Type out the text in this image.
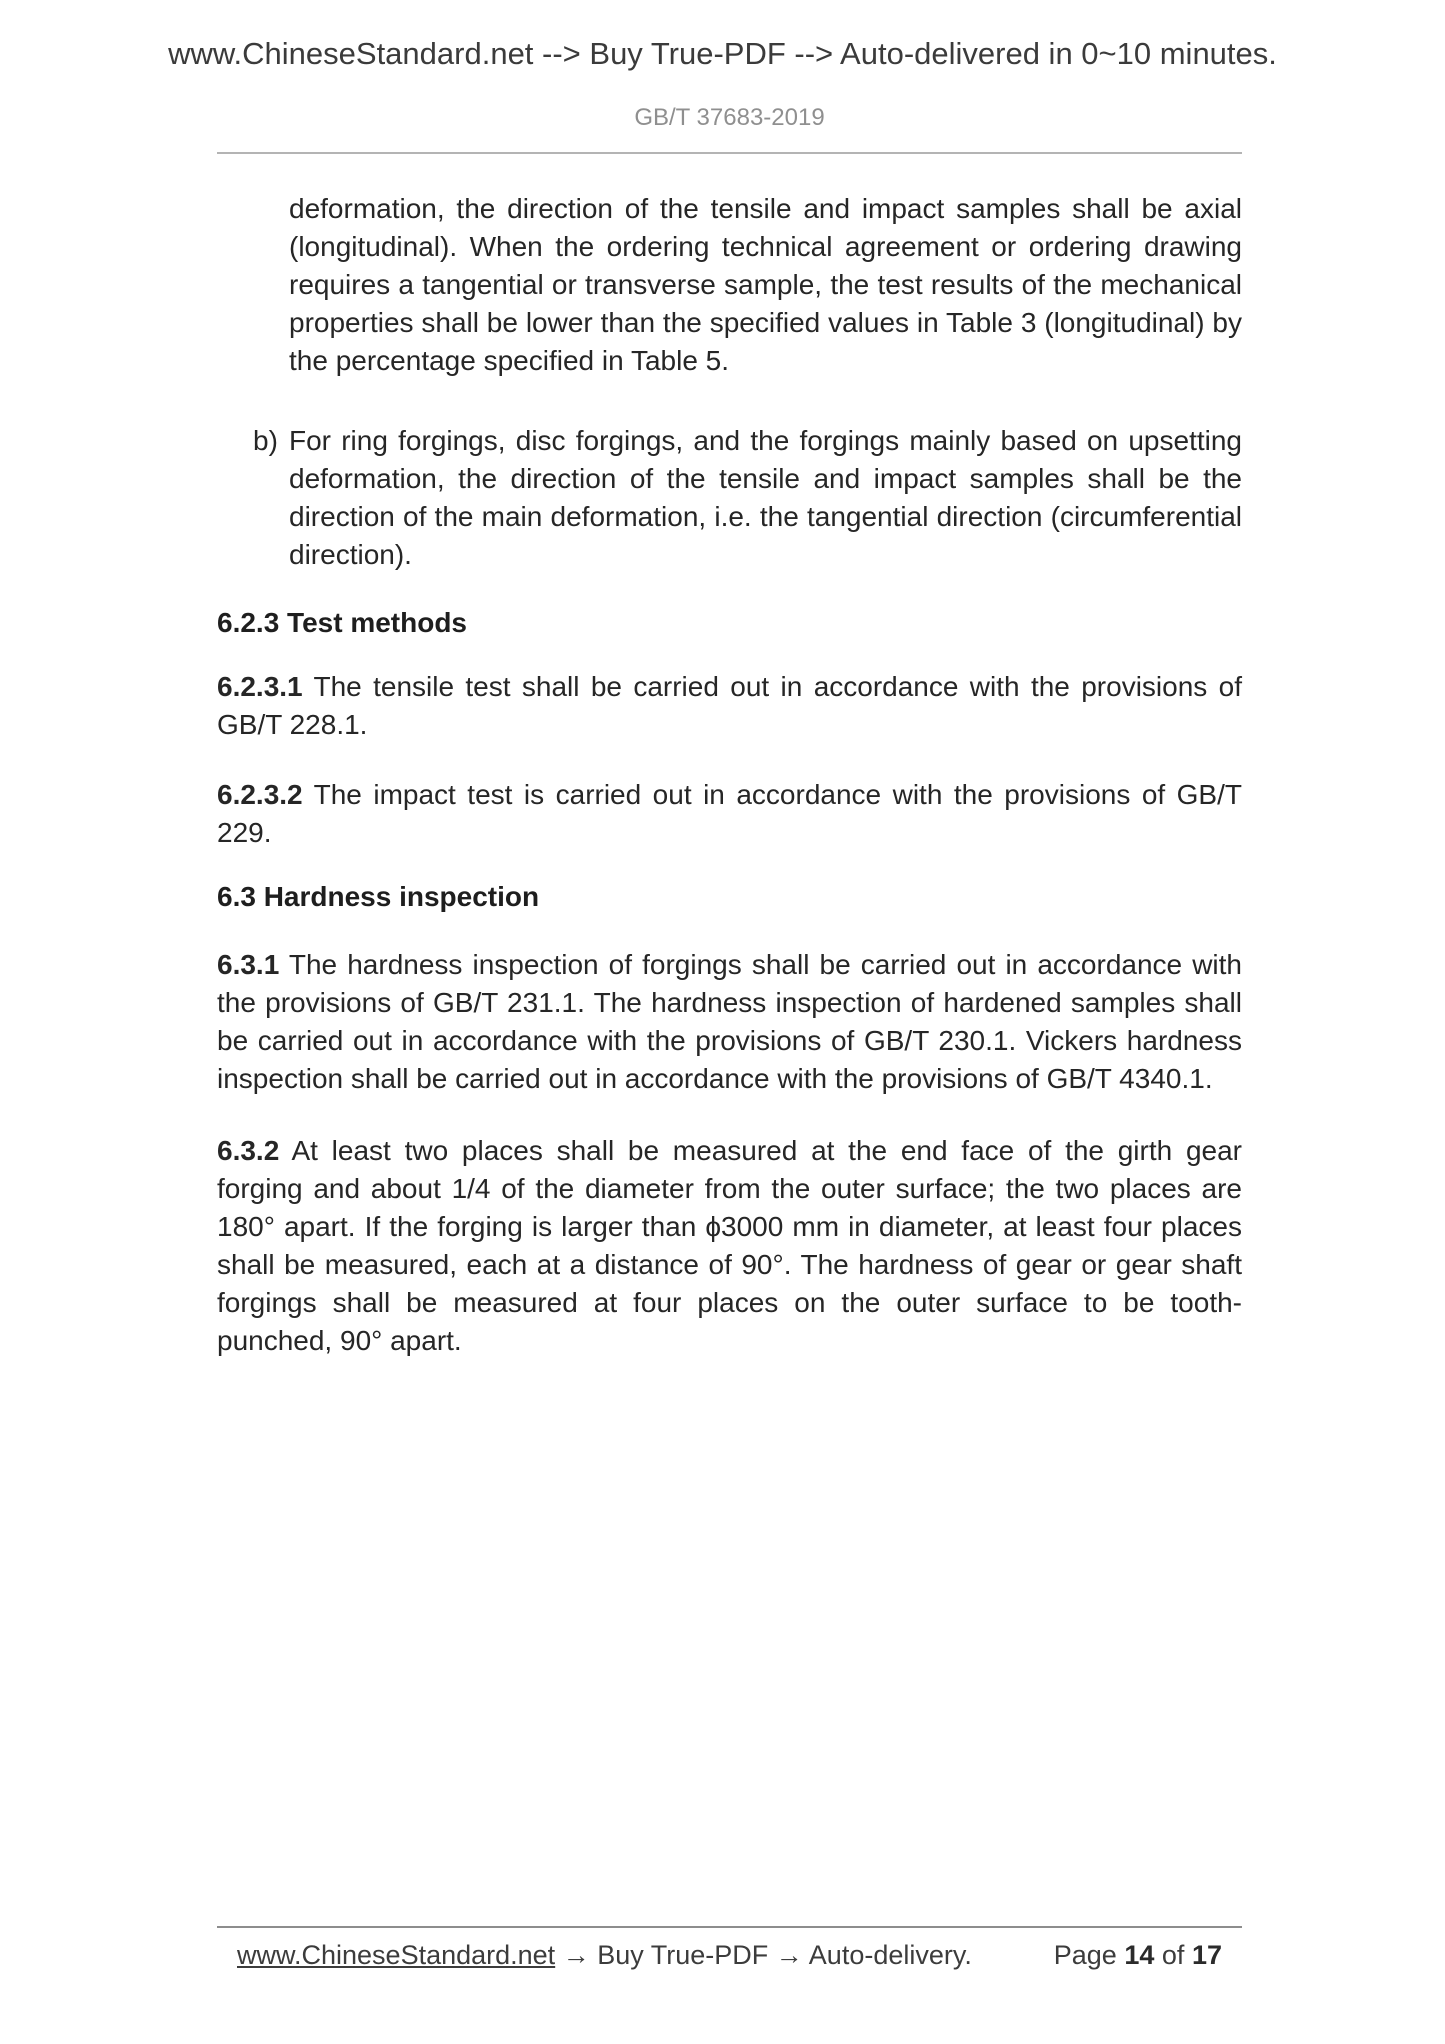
www.ChineseStandard.net --> Buy True-PDF --> Auto-delivered in 0~10 minutes.
GB/T 37683-2019

deformation, the direction of the tensile and impact samples shall be axial (longitudinal). When the ordering technical agreement or ordering drawing requires a tangential or transverse sample, the test results of the mechanical properties shall be lower than the specified values in Table 3 (longitudinal) by the percentage specified in Table 5.

b) For ring forgings, disc forgings, and the forgings mainly based on upsetting deformation, the direction of the tensile and impact samples shall be the direction of the main deformation, i.e. the tangential direction (circumferential direction).
6.2.3 Test methods

6.2.3.1 The tensile test shall be carried out in accordance with the provisions of GB/T 228.1.

6.2.3.2 The impact test is carried out in accordance with the provisions of GB/T 229.

6.3 Hardness inspection

6.3.1 The hardness inspection of forgings shall be carried out in accordance with the provisions of GB/T 231.1. The hardness inspection of hardened samples shall be carried out in accordance with the provisions of GB/T 230.1. Vickers hardness inspection shall be carried out in accordance with the provisions of GB/T 4340.1.

6.3.2 At least two places shall be measured at the end face of the girth gear forging and about 1/4 of the diameter from the outer surface; the two places are 180° apart. If the forging is larger than ϕ3000 mm in diameter, at least four places shall be measured, each at a distance of 90°. The hardness of gear or gear shaft forgings shall be measured at four places on the outer surface to be tooth-punched, 90° apart.

www.ChineseStandard.net → Buy True-PDF → Auto-delivery.	Page 14 of 17
